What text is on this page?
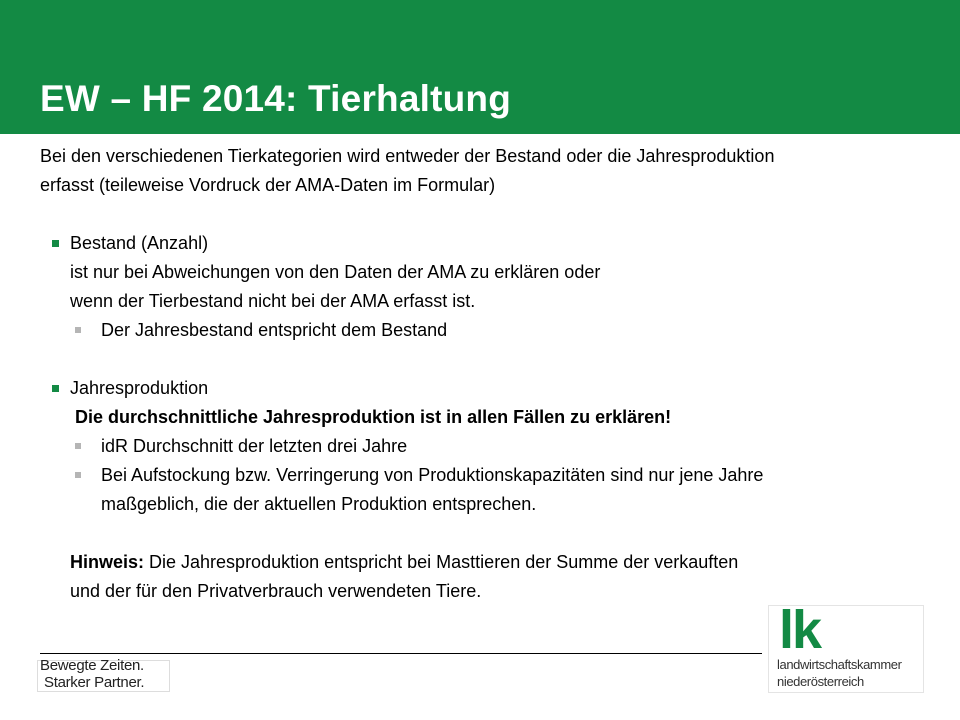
EW – HF 2014: Tierhaltung
Bei den verschiedenen Tierkategorien wird entweder der Bestand oder die Jahresproduktion
erfasst (teileweise Vordruck der AMA-Daten im Formular)
Bestand (Anzahl)
ist nur bei Abweichungen von den Daten der AMA zu erklären oder
wenn der Tierbestand nicht bei der AMA erfasst ist.
Der Jahresbestand entspricht dem Bestand
Jahresproduktion
Die durchschnittliche Jahresproduktion ist in allen Fällen zu erklären!
idR Durchschnitt der letzten drei Jahre
Bei Aufstockung bzw. Verringerung von Produktionskapazitäten sind nur jene Jahre
maßgeblich, die der aktuellen Produktion entsprechen.
Hinweis: Die Jahresproduktion entspricht bei Masttieren der Summe der verkauften
und der für den Privatverbrauch verwendeten Tiere.
Bewegte Zeiten.
Starker Partner.
lk
landwirtschaftskammer
niederösterreich
